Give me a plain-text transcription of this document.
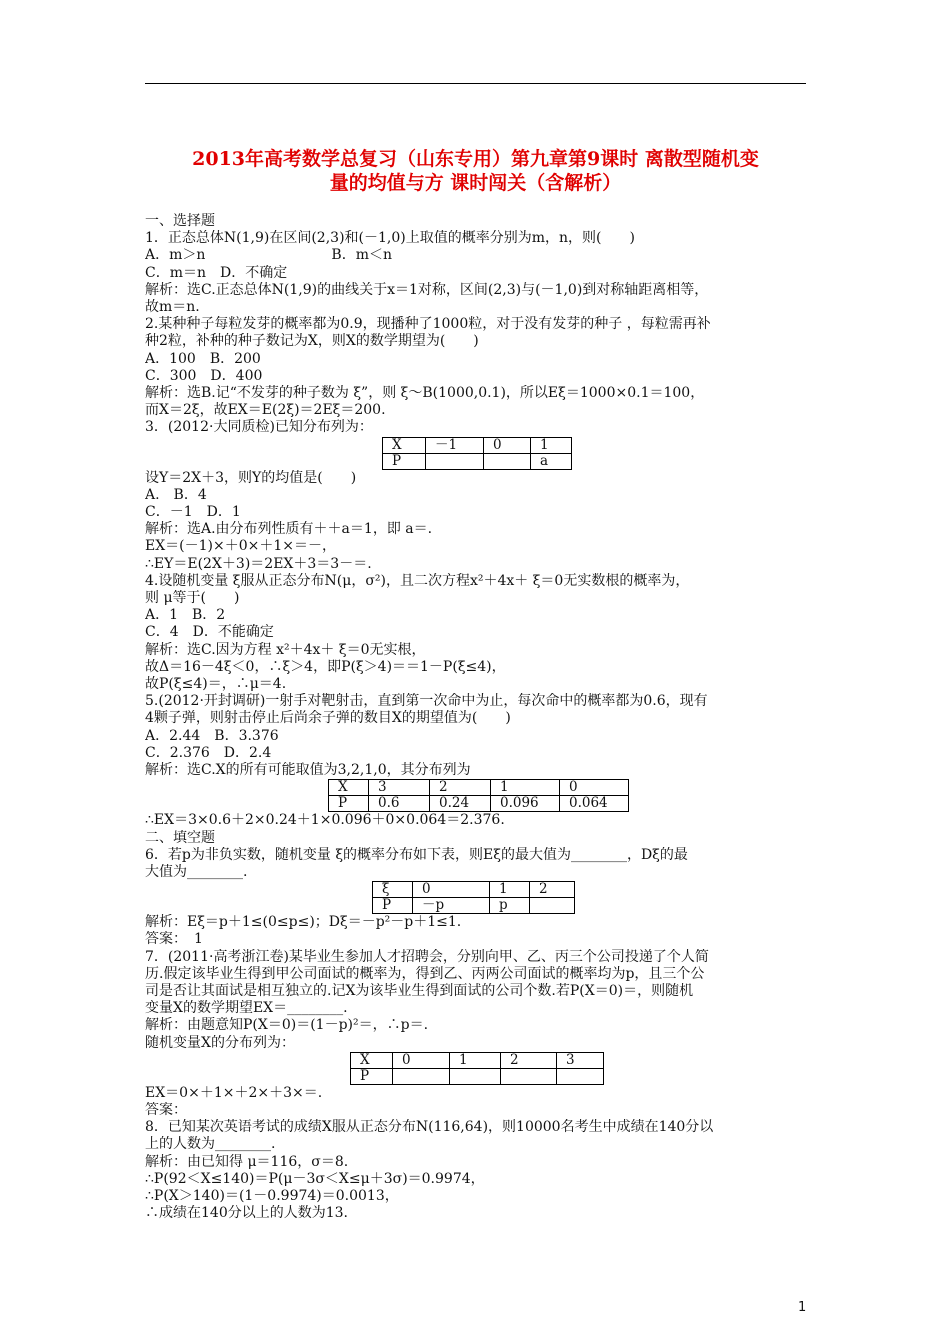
2013年高考数学总复习（山东专用）第九章第9课时 离散型随机变
量的均值与方 课时闯关（含解析）
一、选择题
1．正态总体N(1,9)在区间(2,3)和(－1,0)上取值的概率分别为m，n，则(　　)
A．m＞n　　　　　　　　　B．m＜n
C．m＝n　D．不确定
解析：选C.正态总体N(1,9)的曲线关于x＝1对称，区间(2,3)与(－1,0)到对称轴距离相等，
故m＝n.
2.某种种子每粒发芽的概率都为0.9，现播种了1000粒，对于没有发芽的种子 ，每粒需再补
种2粒，补种的种子数记为X，则X的数学期望为(　　)
A．100　B．200
C．300　D．400
解析：选B.记“不发芽的种子数为 ξ”，则 ξ～B(1000,0.1)，所以Eξ＝1000×0.1＝100，
而X＝2ξ，故EX＝E(2ξ)＝2Eξ＝200.
3．(2012·大同质检)已知分布列为：
X	－1	0	1
P			a
设Y＝2X＋3，则Y的均值是(　　)
A.　B．4
C．－1　D．1
解析：选A.由分布列性质有＋＋a＝1，即 a＝.
EX＝(－1)×＋0×＋1×＝－，
∴EY＝E(2X＋3)＝2EX＋3＝3－＝.
4.设随机变量 ξ服从正态分布N(μ，σ²)，且二次方程x²＋4x＋ ξ＝0无实数根的概率为，
则 μ等于(　　)
A．1　B．2
C．4　D．不能确定
解析：选C.因为方程 x²＋4x＋ ξ＝0无实根，
故Δ＝16－4ξ＜0，∴ξ＞4，即P(ξ＞4)＝＝1－P(ξ≤4)，
故P(ξ≤4)＝，∴μ＝4.
5.(2012·开封调研)一射手对靶射击，直到第一次命中为止，每次命中的概率都为0.6，现有
4颗子弹，则射击停止后尚余子弹的数目X的期望值为(　　)
A．2.44　B．3.376
C．2.376　D．2.4
解析：选C.X的所有可能取值为3,2,1,0，其分布列为
X	3	2	1	0
P	0.6	0.24	0.096	0.064
∴EX＝3×0.6＋2×0.24＋1×0.096＋0×0.064＝2.376.
二、填空题
6．若p为非负实数，随机变量 ξ的概率分布如下表，则Eξ的最大值为________，Dξ的最
大值为________.
ξ	0	1	2
P	－p	p	
解析：Eξ＝p＋1≤(0≤p≤)；Dξ＝－p²－p＋1≤1.
答案：　1
7．(2011·高考浙江卷)某毕业生参加人才招聘会，分别向甲、乙、丙三个公司投递了个人简
历.假定该毕业生得到甲公司面试的概率为，得到乙、丙两公司面试的概率均为p，且三个公
司是否让其面试是相互独立的.记X为该毕业生得到面试的公司个数.若P(X＝0)＝，则随机
变量X的数学期望EX＝________.
解析：由题意知P(X＝0)＝(1－p)²＝，∴p＝.
随机变量X的分布列为：
X	0	1	2	3
P				
EX＝0×＋1×＋2×＋3×＝.
答案：
8．已知某次英语考试的成绩X服从正态分布N(116,64)，则10000名考生中成绩在140分以
上的人数为________.
解析：由已知得 μ＝116，σ＝8.
∴P(92＜X≤140)＝P(μ－3σ＜X≤μ＋3σ)＝0.9974，
∴P(X＞140)＝(1－0.9974)＝0.0013，
∴成绩在140分以上的人数为13.
1
